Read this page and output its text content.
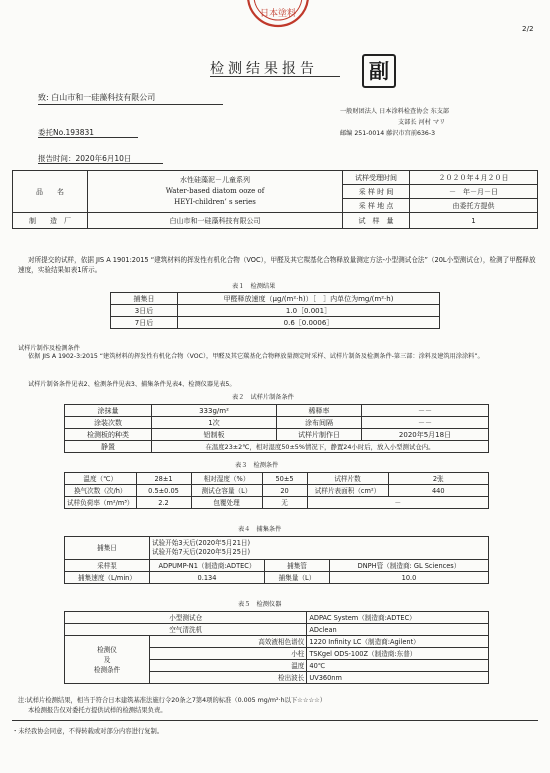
2/2
日本塗料
检测结果报告	副
致: 白山市和一硅藻科技有限公司
一般财团法人 日本涂料检查协会 东支部
支部长 河村 マリ
邮编 251-0014 藤沢市宫前636-3
委托No.193831
报告时间：2020年6月10日
品　　名	水性硅藻泥－儿童系列
Water-based diatom ooze of
HEYI-children’ s series	试样受理时间	２０２０年４月２０日
		采 样 时 间	－　年－月－日
		采 样 地 点	由委托方提供
制　　造　厂	白山市和一硅藻科技有限公司	试　样　量	1
对所提交的试样，依据 JIS A 1901:2015 “建筑材料的挥发性有机化合物（VOC），甲醛及其它羰基化合物释放量测定方法-小型测试仓法”（20L小型测试仓），检测了甲醛释放速度，实验结果如表1所示。
表１　检测结果
捕集日	甲醛释放速度（μg/(m²·h)）［　］内单位为mg/(m²·h)
3日后	1.0［0.001］
7日后	0.6［0.0006］
试样片制作及检测条件
依据 JIS A 1902-3:2015 “建筑材料的挥发性有机化合物（VOC），甲醛及其它羰基化合物释放量测定时采样、试样片制备及检测条件-第三部：涂料及建筑用涂涂料”。
试样片制备条件见表2、检测条件见表3、捕集条件见表4、检测仪器见表5。
表２　试样片制备条件
涂抹量	333g/m²	稀释率	－－
涂装次数	1次	涂布间隔	－－
检测板的种类	铝制板	试样片制作日	2020年5月18日
静置	在温度23±2℃，相对湿度50±5%情况下，静置24小时后，放入小型测试仓内。		
表３　检测条件
温度（℃）	28±1	相对湿度（%）	50±5	试样片数	2张
换气次数（次/h）	0.5±0.05	测试仓容量（L）	20	试样片表面积（cm²）	440
试样负荷率（m²/m³）	2.2	包覆处理	无	－	
表４　捕集条件
捕集日	试验开始3天后(2020年5月21日)
试验开始7天后(2020年5月25日)		

采样泵	ADPUMP-N1（制造商:ADTEC）	捕集管	DNPH管（制造商: GL Sciences）
捕集速度（L/min）	0.134	捕集量（L）	10.0
表５　检测仪器
小型测试仓		ADPAC System（制造商:ADTEC）
空气清洗机		ADclean

检测仪
及
检测条件	高效液相色谱仪	1220 Infinity LC（制造商:Agilent）
	小柱	TSKgel ODS-100Z（制造商:东普）
	温度	40℃
	检出波长	UV360nm
注:试样片检测结果，相当于符合日本建筑基准法施行令20条之7第4项的标准（0.005 mg/m²·h以下☆☆☆☆）
本检测报告仅对委托方提供试样的检测结果负责。
・未经我协会同意，不得转载或对部分内容进行复制。
